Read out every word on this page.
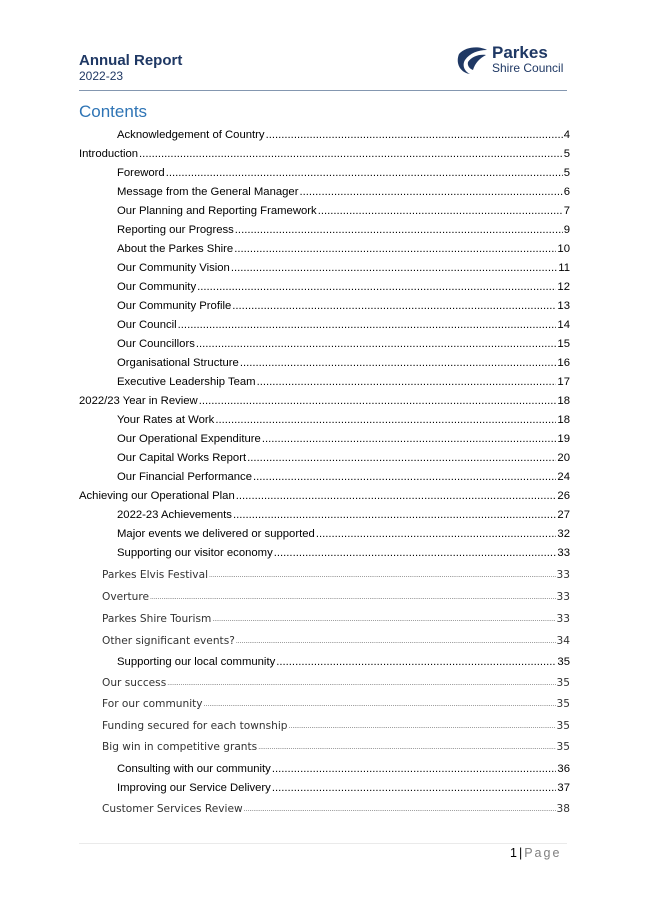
Annual Report
2022-23
Parkes
Shire Council
Contents
Acknowledgement of Country .....	4
Introduction .....	5
Foreword .....	5
Message from the General Manager .....	6
Our Planning and Reporting Framework .....	7
Reporting our Progress .....	9
About the Parkes Shire .....	10
Our Community Vision .....	11
Our Community .....	12
Our Community Profile .....	13
Our Council .....	14
Our Councillors .....	15
Organisational Structure .....	16
Executive Leadership Team .....	17
2022/23 Year in Review .....	18
Your Rates at Work .....	18
Our Operational Expenditure .....	19
Our Capital Works Report .....	20
Our Financial Performance .....	24
Achieving our Operational Plan .....	26
2022-23 Achievements .....	27
Major events we delivered or supported .....	32
Supporting our visitor economy .....	33
Parkes Elvis Festival .....	33
Overture .....	33
Parkes Shire Tourism .....	33
Other significant events? .....	34
Supporting our local community .....	35
Our success .....	35
For our community .....	35
Funding secured for each township .....	35
Big win in competitive grants .....	35
Consulting with our community .....	36
Improving our Service Delivery .....	37
Customer Services Review .....	38
1 | Page
